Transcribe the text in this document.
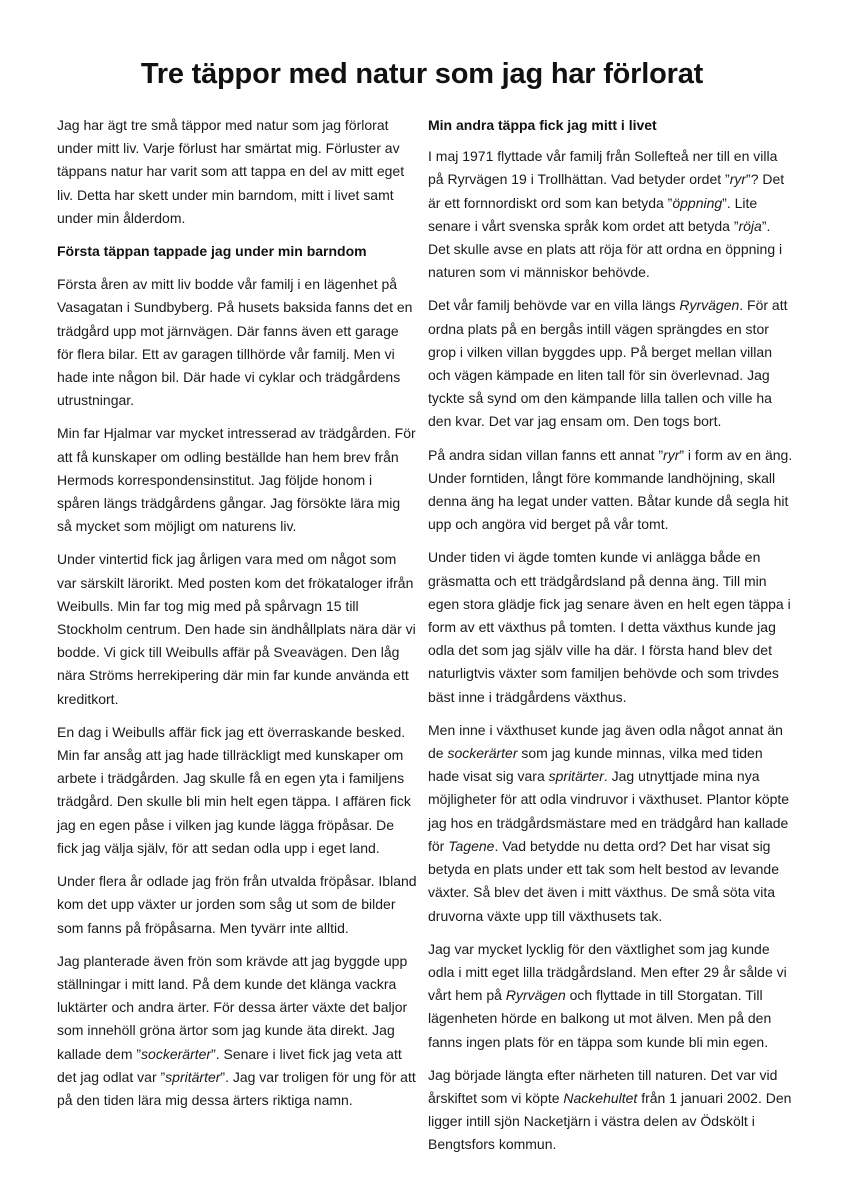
Tre täppor med natur som jag har förlorat

Jag har ägt tre små täppor med natur som jag förlorat under mitt liv. Varje förlust har smärtat mig. Förluster av täppans natur har varit som att tappa en del av mitt eget liv. Detta har skett under min barndom, mitt i livet samt under min ålderdom.

Första täppan tappade jag under min barndom

Första åren av mitt liv bodde vår familj i en lägenhet på Vasagatan i Sundbyberg. På husets baksida fanns det en trädgård upp mot järnvägen. Där fanns även ett garage för flera bilar. Ett av garagen tillhörde vår familj. Men vi hade inte någon bil. Där hade vi cyklar och trädgårdens utrustningar.

Min far Hjalmar var mycket intresserad av trädgården. För att få kunskaper om odling beställde han hem brev från Hermods korrespondensinstitut. Jag följde honom i spåren längs trädgårdens gångar. Jag försökte lära mig så mycket som möjligt om naturens liv.

Under vintertid fick jag årligen vara med om något som var särskilt lärorikt. Med posten kom det frökataloger ifrån Weibulls. Min far tog mig med på spårvagn 15 till Stockholm centrum. Den hade sin ändhållplats nära där vi bodde. Vi gick till Weibulls affär på Sveavägen. Den låg nära Ströms herrekipering där min far kunde använda ett kreditkort.

En dag i Weibulls affär fick jag ett överraskande besked. Min far ansåg att jag hade tillräckligt med kunskaper om arbete i trädgården. Jag skulle få en egen yta i familjens trädgård. Den skulle bli min helt egen täppa. I affären fick jag en egen påse i vilken jag kunde lägga fröpåsar. De fick jag välja själv, för att sedan odla upp i eget land.

Under flera år odlade jag frön från utvalda fröpåsar. Ibland kom det upp växter ur jorden som såg ut som de bilder som fanns på fröpåsarna. Men tyvärr inte alltid.

Jag planterade även frön som krävde att jag byggde upp ställningar i mitt land. På dem kunde det klänga vackra luktärter och andra ärter. För dessa ärter växte det baljor som innehöll gröna ärtor som jag kunde äta direkt. Jag kallade dem ”sockerärter”. Senare i livet fick jag veta att det jag odlat var ”spritärter”. Jag var troligen för ung för att på den tiden lära mig dessa ärters riktiga namn.

Min andra täppa fick jag mitt i livet

I maj 1971 flyttade vår familj från Sollefteå ner till en villa på Ryrvägen 19 i Trollhättan. Vad betyder ordet ”ryr”? Det är ett fornnordiskt ord som kan betyda ”öppning”. Lite senare i vårt svenska språk kom ordet att betyda ”röja”. Det skulle avse en plats att röja för att ordna en öppning i naturen som vi människor behövde.

Det vår familj behövde var en villa längs Ryrvägen. För att ordna plats på en bergås intill vägen sprängdes en stor grop i vilken villan byggdes upp. På berget mellan villan och vägen kämpade en liten tall för sin överlevnad. Jag tyckte så synd om den kämpande lilla tallen och ville ha den kvar. Det var jag ensam om. Den togs bort.

På andra sidan villan fanns ett annat ”ryr” i form av en äng. Under forntiden, långt före kommande landhöjning, skall denna äng ha legat under vatten. Båtar kunde då segla hit upp och angöra vid berget på vår tomt.

Under tiden vi ägde tomten kunde vi anlägga både en gräsmatta och ett trädgårdsland på denna äng. Till min egen stora glädje fick jag senare även en helt egen täppa i form av ett växthus på tomten. I detta växthus kunde jag odla det som jag själv ville ha där. I första hand blev det naturligtvis växter som familjen behövde och som trivdes bäst inne i trädgårdens växthus.

Men inne i växthuset kunde jag även odla något annat än de sockerärter som jag kunde minnas, vilka med tiden hade visat sig vara spritärter. Jag utnyttjade mina nya möjligheter för att odla vindruvor i växthuset. Plantor köpte jag hos en trädgårdsmästare med en trädgård han kallade för Tagene. Vad betydde nu detta ord? Det har visat sig betyda en plats under ett tak som helt bestod av levande växter. Så blev det även i mitt växthus. De små söta vita druvorna växte upp till växthusets tak.

Jag var mycket lycklig för den växtlighet som jag kunde odla i mitt eget lilla trädgårdsland. Men efter 29 år sålde vi vårt hem på Ryrvägen och flyttade in till Storgatan. Till lägenheten hörde en balkong ut mot älven. Men på den fanns ingen plats för en täppa som kunde bli min egen.

Jag började längta efter närheten till naturen. Det var vid årskiftet som vi köpte Nackehultet från 1 januari 2002. Den ligger intill sjön Nacketjärn i västra delen av Ödskölt i Bengtsfors kommun.
